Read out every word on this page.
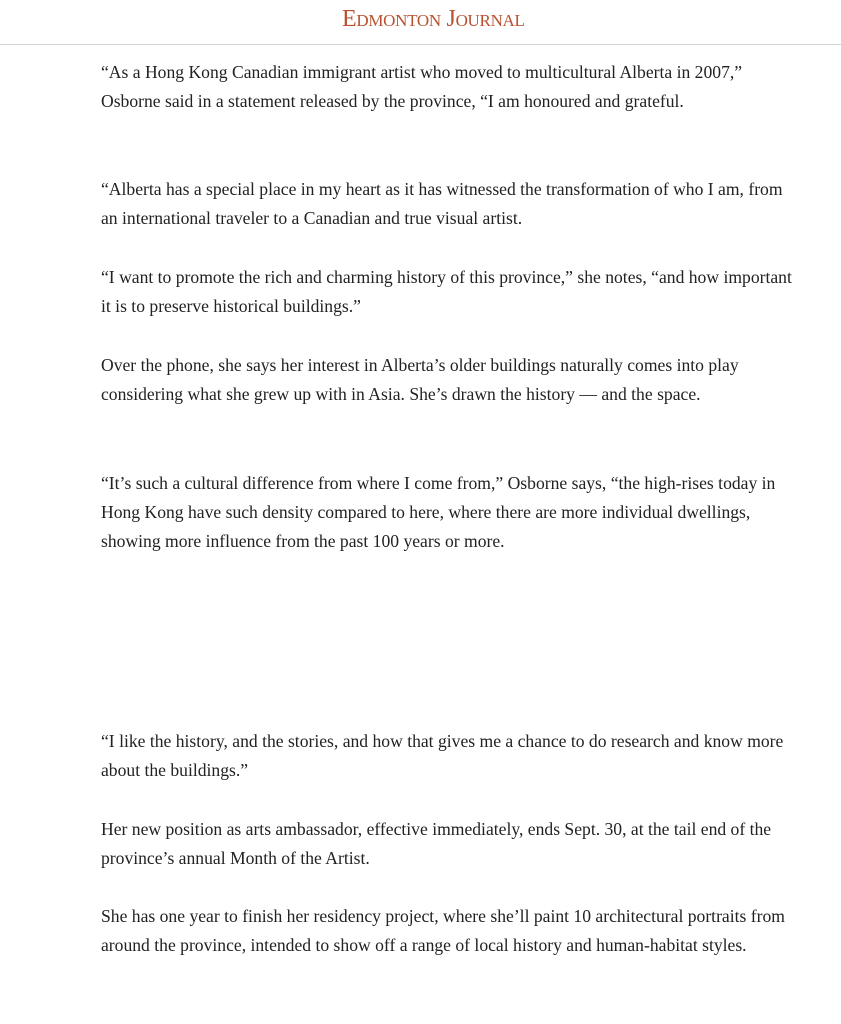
Edmonton Journal

“As a Hong Kong Canadian immigrant artist who moved to multicultural Alberta in 2007,” Osborne said in a statement released by the province, “I am honoured and grateful.

“Alberta has a special place in my heart as it has witnessed the transformation of who I am, from an international traveler to a Canadian and true visual artist.

“I want to promote the rich and charming history of this province,” she notes, “and how important it is to preserve historical buildings.”

Over the phone, she says her interest in Alberta’s older buildings naturally comes into play considering what she grew up with in Asia. She’s drawn the history — and the space.

“It’s such a cultural difference from where I come from,” Osborne says, “the high-rises today in Hong Kong have such density compared to here, where there are more individual dwellings, showing more influence from the past 100 years or more.

“I like the history, and the stories, and how that gives me a chance to do research and know more about the buildings.”

Her new position as arts ambassador, effective immediately, ends Sept. 30, at the tail end of the province’s annual Month of the Artist.

She has one year to finish her residency project, where she’ll paint 10 architectural portraits from around the province, intended to show off a range of local history and human-habitat styles.
